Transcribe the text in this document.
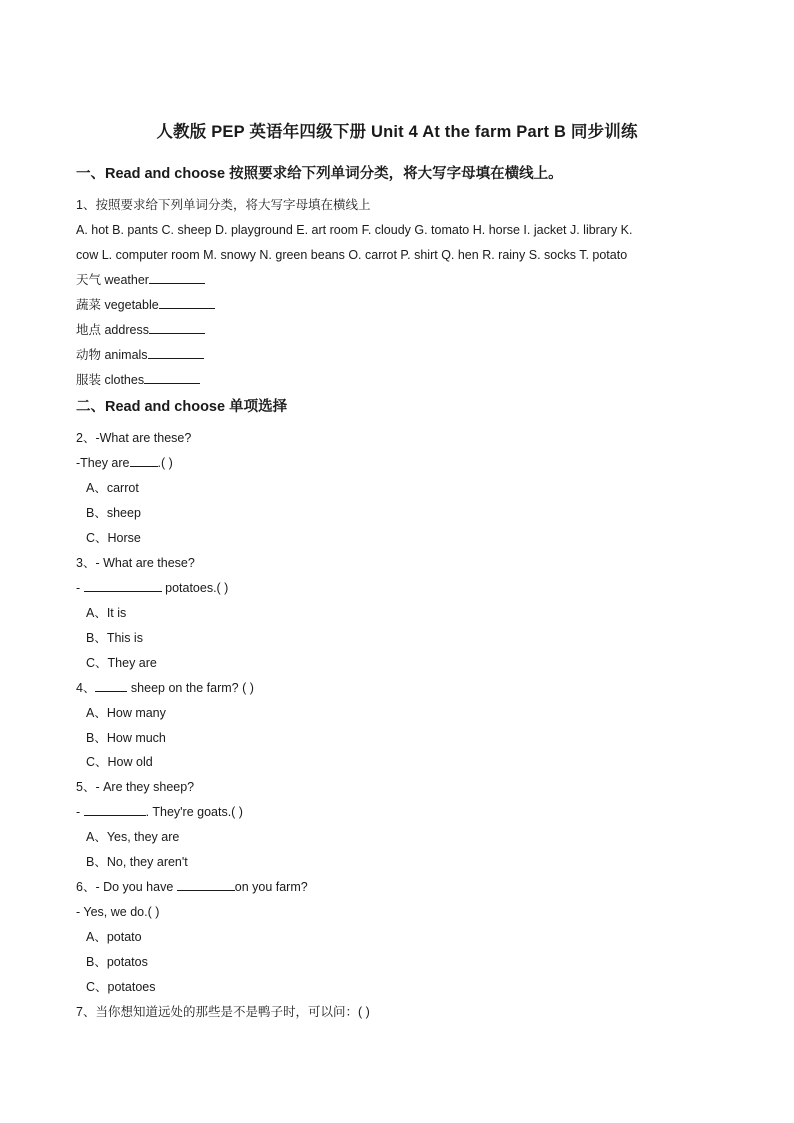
人教版 PEP 英语年四级下册 Unit 4 At the farm Part B 同步训练
一、Read and choose 按照要求给下列单词分类，将大写字母填在横线上。
1、按照要求给下列单词分类，将大写字母填在横线上
A. hot B. pants C. sheep D. playground E. art room F. cloudy G. tomato H. horse I. jacket J. library K.
cow L. computer room M. snowy N. green beans O. carrot P. shirt Q. hen R. rainy S. socks T. potato
天气 weather
蔬菜 vegetable
地点 address
动物 animals
服装 clothes
二、Read and choose 单项选择
2、-What are these?
-They are .( )
A、carrot
B、sheep
C、Horse
3、- What are these?
-	potatoes.( )
A、It is
B、This is
C、They are
4、	sheep on the farm? ( )
A、How many
B、How much
C、How old
5、- Are they sheep?
-	. They're goats.( )
A、Yes, they are
B、No, they aren't
6、- Do you have	on you farm?
- Yes, we do.( )
A、potato
B、potatos
C、potatoes
7、当你想知道远处的那些是不是鸭子时，可以问：( )
